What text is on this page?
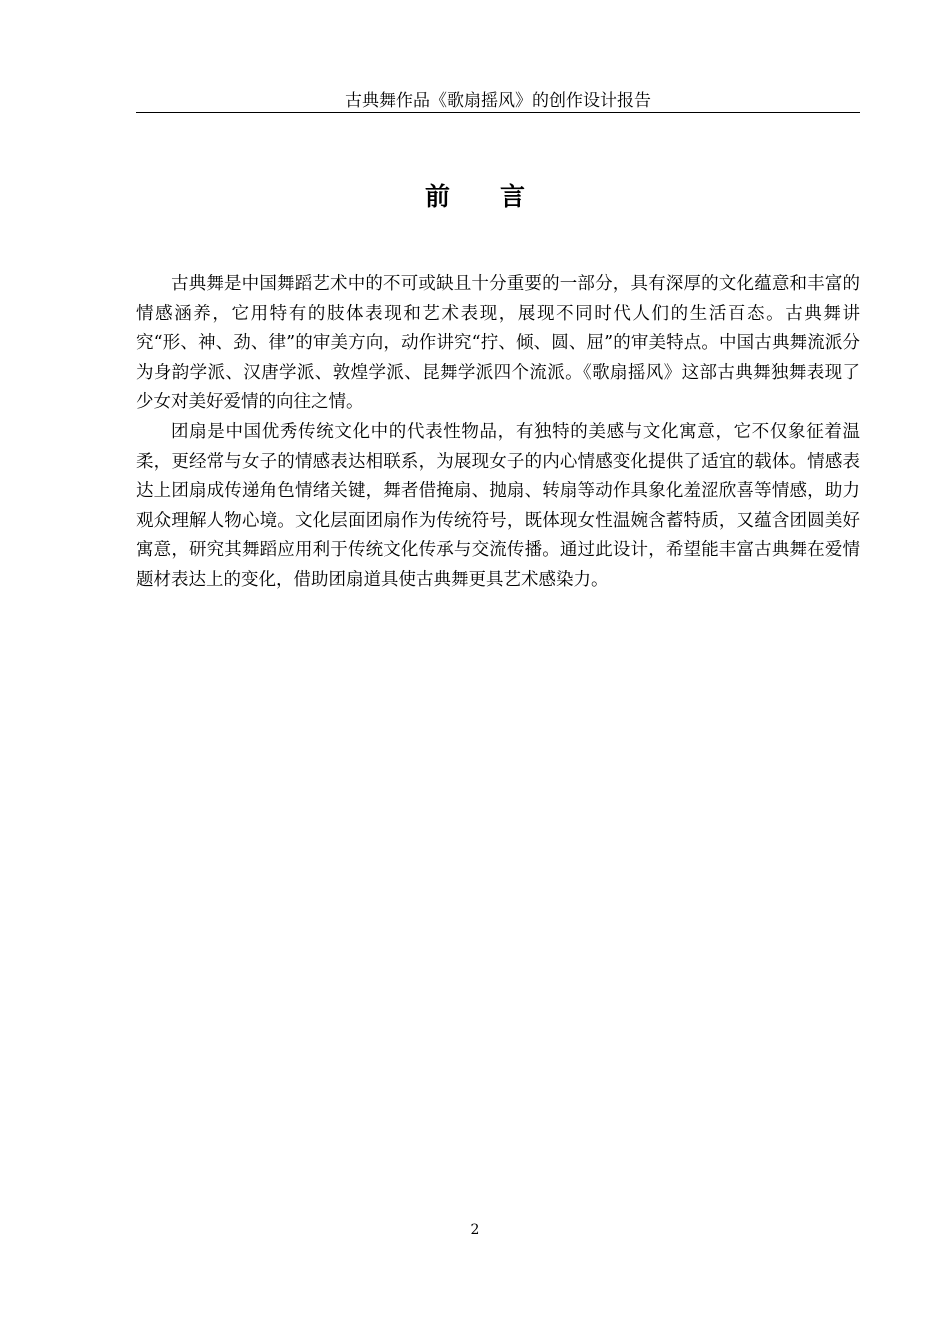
古典舞作品《歌扇摇风》的创作设计报告
前言

古典舞是中国舞蹈艺术中的不可或缺且十分重要的一部分，具有深厚的文化蕴意和丰富的情感涵养，它用特有的肢体表现和艺术表现，展现不同时代人们的生活百态。古典舞讲究“形、神、劲、律”的审美方向，动作讲究“拧、倾、圆、屈”的审美特点。中国古典舞流派分为身韵学派、汉唐学派、敦煌学派、昆舞学派四个流派。《歌扇摇风》这部古典舞独舞表现了少女对美好爱情的向往之情。

团扇是中国优秀传统文化中的代表性物品，有独特的美感与文化寓意，它不仅象征着温柔，更经常与女子的情感表达相联系，为展现女子的内心情感变化提供了适宜的载体。情感表达上团扇成传递角色情绪关键，舞者借掩扇、抛扇、转扇等动作具象化羞涩欣喜等情感，助力观众理解人物心境。文化层面团扇作为传统符号，既体现女性温婉含蓄特质，又蕴含团圆美好寓意，研究其舞蹈应用利于传统文化传承与交流传播。通过此设计，希望能丰富古典舞在爱情题材表达上的变化，借助团扇道具使古典舞更具艺术感染力。

2
